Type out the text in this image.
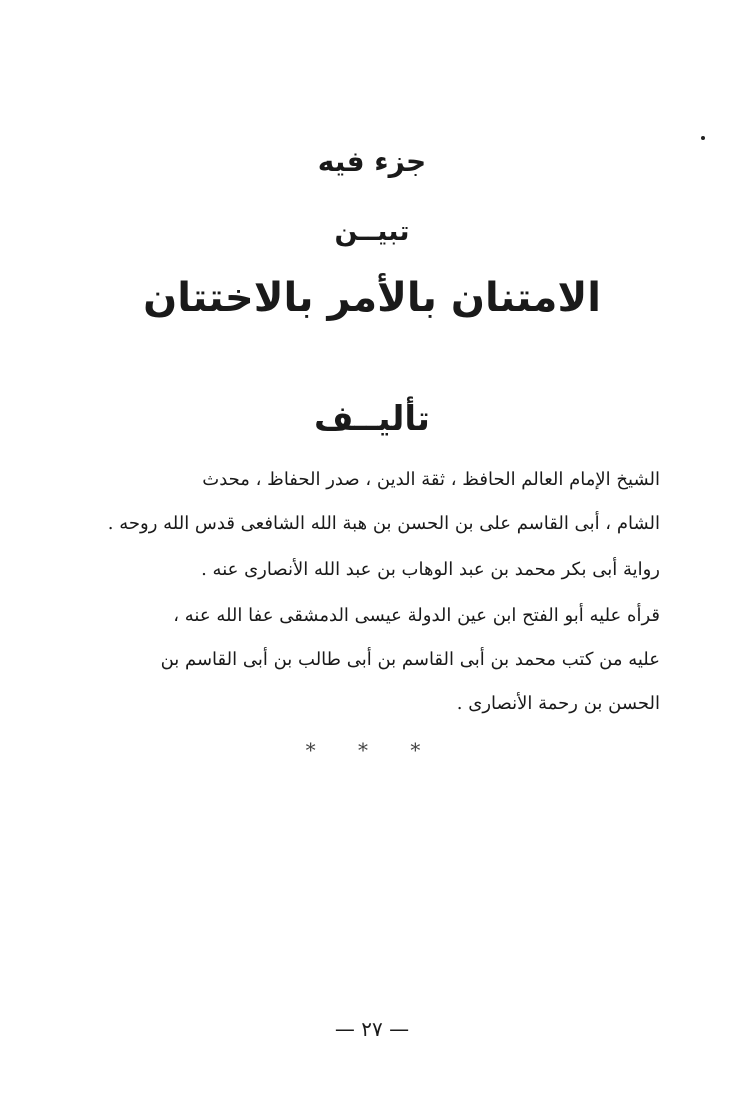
جزء فيه
تبيــن
الامتنان بالأمر بالاختتان
تأليــف
الشيخ الإمام العالم الحافظ ، ثقة الدين ، صدر الحفاظ ، محدث
الشام ، أبى القاسم على بن الحسن بن هبة الله الشافعى قدس الله روحه .
رواية أبى بكر محمد بن عبد الوهاب بن عبد الله الأنصارى عنه .
قرأه عليه أبو الفتح ابن عين الدولة عيسى الدمشقى عفا الله عنه ،
عليه من كتب محمد بن أبى القاسم بن أبى طالب بن أبى القاسم بن
الحسن بن رحمة الأنصارى .
* * *
— ٢٧ —
